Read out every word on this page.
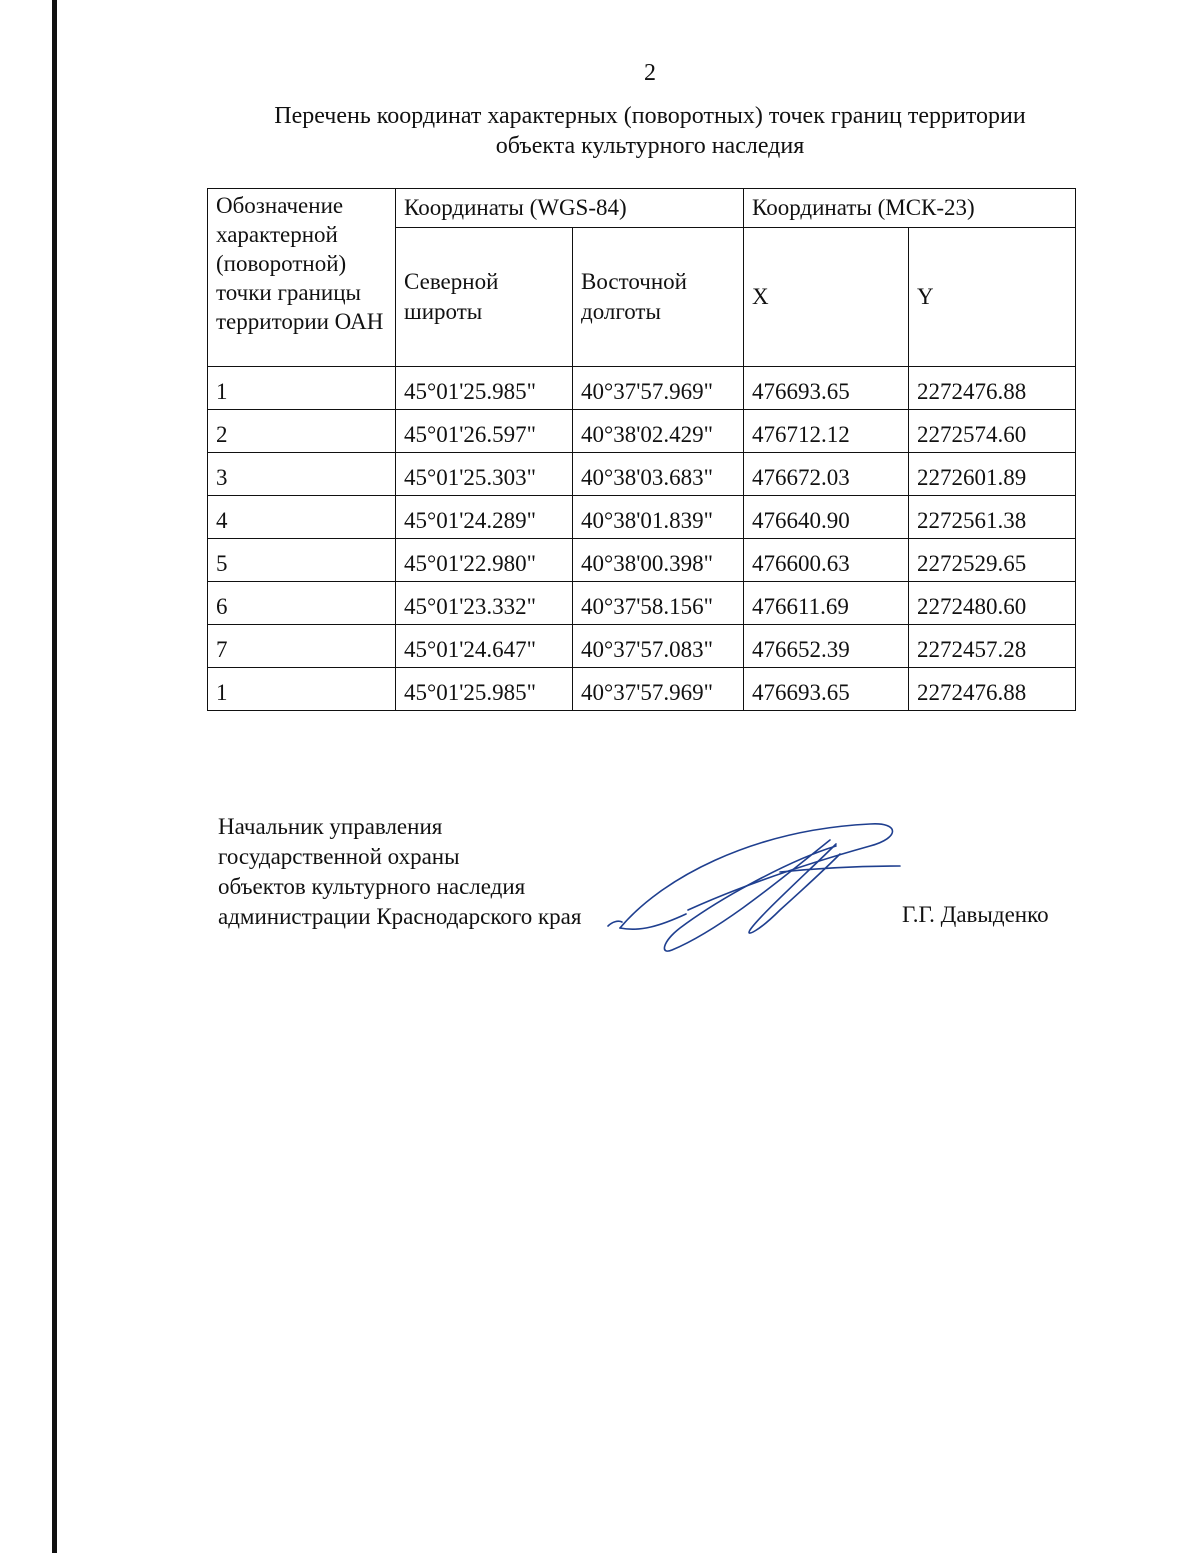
2
Перечень координат характерных (поворотных) точек границ территории
объекта культурного наследия
Обозначение характерной (поворотной) точки границы территории ОАН	Координаты (WGS-84)		Координаты (МСК-23)	
	Северной широты	Восточной долготы	X	Y
1	45°01'25.985"	40°37'57.969"	476693.65	2272476.88
2	45°01'26.597"	40°38'02.429"	476712.12	2272574.60
3	45°01'25.303"	40°38'03.683"	476672.03	2272601.89
4	45°01'24.289"	40°38'01.839"	476640.90	2272561.38
5	45°01'22.980"	40°38'00.398"	476600.63	2272529.65
6	45°01'23.332"	40°37'58.156"	476611.69	2272480.60
7	45°01'24.647"	40°37'57.083"	476652.39	2272457.28
1	45°01'25.985"	40°37'57.969"	476693.65	2272476.88
Начальник управления
государственной охраны
объектов культурного наследия
администрации Краснодарского края	Г.Г. Давыденко
